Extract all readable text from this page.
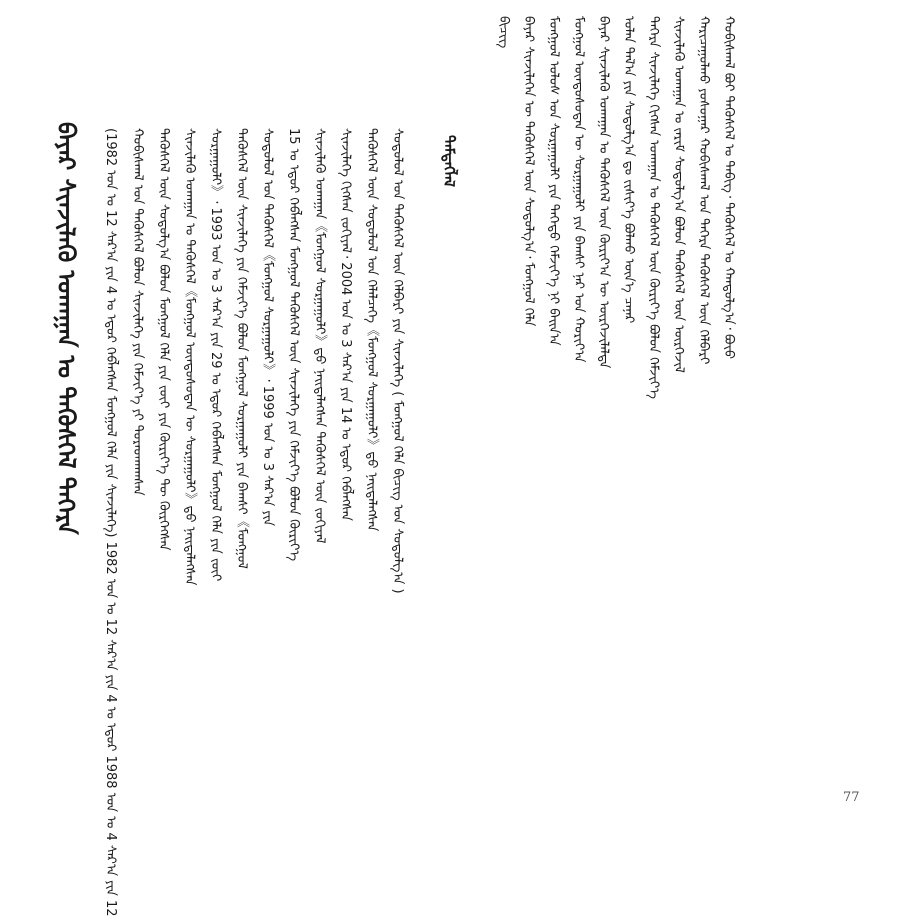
ᠪᠠᠶᠠᠷ ᠰᠢᠨᠵᠢᠯᠡᠬᠦ ᠤᠬᠠᠭᠠᠨ ᠤ ᠲᠡᠭᠦᠰᠬᠡᠯ ᠳᠡᠭᠡᠷᠡ (1982 ᠣᠨ ᠤ 12 ᠰᠠᠷ᠎ᠠ ᠶᠢᠨ 4 ᠤ ᠡᠳᠦᠷ ᠬᠡᠪᠯᠡᠭᠰᠡᠨ ᠮᠣᠩᠭᠣᠯ ᠬᠡᠯᠡ ᠶᠢᠨ ᠰᠢᠨᠵᠢᠯᠡᠭᠡ) 1982 ᠣᠨ ᠤ 12 ᠰᠠᠷ᠎ᠠ ᠶᠢᠨ 4 ᠤ ᠡᠳᠦᠷ 1988 ᠣᠨ ᠤ 4 ᠰᠠᠷ᠎ᠠ ᠶᠢᠨ 12 ᠬᠤᠪᠢᠰᠬᠠᠯ ᠤᠨ ᠲᠡᠭᠦᠰᠬᠡᠯ ᠪᠣᠯᠤᠨ ᠰᠢᠨᠵᠢᠯᠡᠭᠡ ᠶᠢᠨ ᠬᠡᠮᠵᠢᠶ᠎ᠡ ᠶᠢ ᠳᠤᠷᠠᠳᠬᠠᠭᠰᠠᠨ ᠲᠡᠭᠦᠰᠬᠡᠯ ᠦᠨ ᠰᠤᠳᠤᠯᠭ᠎ᠠ ᠪᠣᠯᠤᠨ ᠮᠣᠩᠭᠣᠯ ᠬᠡᠯᠡ ᠶᠢᠨ ᠵᠦᠢ ᠶᠢᠨ ᠬᠦᠷᠢᠶ᠎ᠡ ᠲᠦ ᠬᠦᠷᠭᠡᠭᠰᠡᠨ ᠰᠢᠨᠵᠢᠯᠡᠬᠦ ᠤᠬᠠᠭᠠᠨ ᠤ ᠲᠡᠭᠦᠰᠬᠡᠯ《ᠮᠣᠩᠭᠣᠯ ᠦᠨᠳᠦᠰᠦᠲᠡᠨ ᠦ ᠰᠤᠷᠭᠠᠭᠤᠯᠢ》ᠳ᠋ᠤ ᠨᠡᠢᠲᠡᠯᠡᠭᠰᠡᠨ ᠰᠤᠷᠭᠠᠭᠤᠯᠢ》᠂ 1993 ᠣᠨ ᠤ 3 ᠰᠠᠷ᠎ᠠ ᠶᠢᠨ 29 ᠤ ᠡᠳᠦᠷ ᠬᠡᠪᠯᠡᠭᠰᠡᠨ ᠮᠣᠩᠭᠣᠯ ᠬᠡᠯᠡ ᠶᠢᠨ ᠵᠦᠢ ᠲᠡᠭᠦᠰᠬᠡᠯ ᠦᠨ ᠰᠢᠨᠵᠢᠯᠡᠭᠡ ᠶᠢᠨ ᠬᠡᠮᠵᠢᠶ᠎ᠡ ᠪᠤᠯᠤᠨ ᠮᠣᠩᠭᠣᠯ ᠰᠤᠷᠭᠠᠭᠤᠯᠢ ᠶᠢᠨ ᠪᠠᠭᠰᠢ《ᠮᠣᠩᠭᠣᠯ ᠰᠤᠳᠤᠯᠤᠯ ᠤᠨ ᠲᠡᠭᠦᠰᠬᠡᠯ《ᠮᠣᠩᠭᠣᠯ ᠰᠤᠷᠭᠠᠭᠤᠯᠢ》᠂ 1999 ᠣᠨ ᠤ 3 ᠰᠠᠷ᠎ᠠ ᠶᠢᠨ 15 ᠤ ᠡᠳᠦᠷ ᠬᠡᠪᠯᠡᠭᠰᠡᠨ ᠮᠣᠩᠭᠣᠯ ᠲᠡᠭᠦᠰᠬᠡᠯ ᠦᠨ ᠰᠢᠨᠵᠢᠯᠡᠭᠡ ᠶᠢᠨ ᠬᠡᠮᠵᠢᠶ᠎ᠡ ᠪᠤᠯᠤᠨ ᠬᠦᠷᠢᠶ᠎ᠡ ᠰᠢᠨᠵᠢᠯᠡᠬᠦ ᠤᠬᠠᠭᠠᠨ《ᠮᠣᠩᠭᠣᠯ ᠰᠤᠷᠭᠠᠭᠤᠯᠢ》ᠳ᠋ᠤ ᠨᠡᠢᠲᠡᠯᠡᠭᠰᠡᠨ ᠲᠡᠭᠦᠰᠬᠡᠯ ᠦᠨ ᠵᠣᠬᠢᠶᠠᠯ ᠰᠢᠨᠵᠢᠯᠡᠭᠡ ᠬᠢᠭᠰᠡᠨ ᠵᠤᠬᠢᠶᠠᠯ᠂ 2004 ᠣᠨ ᠤ 3 ᠰᠠᠷ᠎ᠠ ᠶᠢᠨ 14 ᠤ ᠡᠳᠦᠷ ᠬᠡᠪᠯᠡᠭᠰᠡᠨ ᠲᠡᠭᠦᠰᠬᠡᠯ ᠦᠨ ᠰᠤᠳᠤᠯᠤᠯ ᠤᠨ ᠬᠡᠯᠡᠯᠴᠡᠭᠡ《ᠮᠣᠩᠭᠣᠯ ᠰᠤᠷᠭᠠᠭᠤᠯᠢ》ᠳ᠋ᠤ ᠨᠡᠢᠲᠡᠯᠡᠭᠰᠡᠨ ᠰᠤᠳᠤᠯᠤᠯ ᠤᠨ ᠲᠡᠭᠦᠰᠬᠡᠯ ᠦᠨ ᠬᠡᠯᠪᠡᠷᠢ ᠶᠢᠨ ᠰᠢᠨᠵᠢᠯᠡᠭᠡ ( ᠮᠣᠩᠭᠣᠯ ᠬᠡᠯᠡ ᠪᠢᠴᠢᠭ ᠤᠨ ᠰᠤᠳᠤᠯᠭ᠎ᠠ ) ᠲᠡᠮᠳᠡᠭᠯᠡᠯ
ᠪᠢᠴᠢᠭ ᠪᠠᠶᠠᠷ ᠰᠢᠨᠵᠢᠯᠡᠭᠡᠨ ᠦ ᠲᠡᠭᠦᠰᠬᠡᠯ ᠦᠨ ᠰᠤᠳᠤᠯᠭ᠎ᠠ᠂ ᠮᠣᠩᠭᠣᠯ ᠬᠡᠯᠡ ᠮᠣᠩᠭᠣᠯ ᠤᠯᠤᠰ ᠤᠨ ᠰᠤᠷᠭᠠᠭᠤᠯᠢ ᠶᠢᠨ ᠳᠡᠭᠡᠳᠦ ᠬᠡᠮᠵᠢᠶ᠎ᠡ ᠨᠢ ᠪᠠᠢᠨ᠎ᠠ ᠮᠣᠩᠭᠣᠯ ᠦᠨᠳᠦᠰᠦᠲᠡᠨ ᠦ ᠰᠤᠷᠭᠠᠭᠤᠯᠢ ᠶᠢᠨ ᠪᠠᠭᠰᠢ ᠨᠠᠷ ᠤᠨ ᠬᠣᠷᠢᠶ᠎ᠠ ᠪᠠᠶᠠᠷ ᠰᠢᠨᠵᠢᠯᠡᠬᠦ ᠤᠬᠠᠭᠠᠨ ᠤ ᠲᠡᠭᠦᠰᠬᠡᠯ ᠦᠨ ᠬᠦᠷᠢᠶ᠎ᠡᠨ ᠦ ᠦᠷᠭᠡᠵᠢᠯᠡᠯᠲᠡ ᠣᠯᠠᠨ ᠲᠠᠯ᠎ᠠ ᠶᠢᠨ ᠰᠤᠳᠤᠯᠭ᠎ᠠ ᠳᠤ ᠵᠢᠱᠢᠶ᠎ᠡ ᠪᠣᠯᠬᠤ ᠦᠨ᠎ᠡ ᠴᠡᠨᠡᠷ ᠳᠡᠭᠡᠷᠡ ᠰᠢᠨᠵᠢᠯᠡᠭᠡ ᠬᠢᠭᠰᠡᠨ ᠤᠬᠠᠭᠠᠨ ᠤ ᠲᠡᠭᠦᠰᠬᠡᠯ ᠦᠨ ᠬᠦᠷᠢᠶ᠎ᠡ ᠪᠤᠯᠤᠨ ᠬᠡᠮᠵᠢᠶ᠎ᠡ ᠰᠢᠨᠵᠢᠯᠡᠬᠦ ᠤᠬᠠᠭᠠᠨ ᠤ ᠵᠠᠷᠢᠮ ᠰᠤᠳᠤᠯᠭ᠎ᠠ ᠪᠤᠯᠤᠨ ᠲᠡᠭᠦᠰᠬᠡᠯ ᠦᠨ ᠦᠷᠭᠡᠵᠢᠯ ᠬᠠᠷᠢᠴᠠᠭᠤᠯᠬᠤ ᠶᠤᠰᠤᠭᠠᠷ ᠬᠤᠪᠢᠰᠬᠠᠯ ᠤᠨ ᠳᠡᠭᠡᠷᠡ ᠲᠡᠭᠦᠰᠬᠡᠯ ᠦᠨ ᠬᠡᠯᠪᠡᠷᠢ ᠬᠤᠪᠢᠰᠬᠠᠯ ᠪᠤᠢ ᠲᠡᠭᠦᠰᠬᠡᠯ ᠤ ᠳᠡᠪᠢᠭ᠂ ᠲᠡᠭᠦᠰᠬᠡᠯ ᠤ ᠬᠠᠨᠳᠤᠯᠭ᠎ᠠ᠂ ᠪᠤᠶ᠋ᠤ
77
